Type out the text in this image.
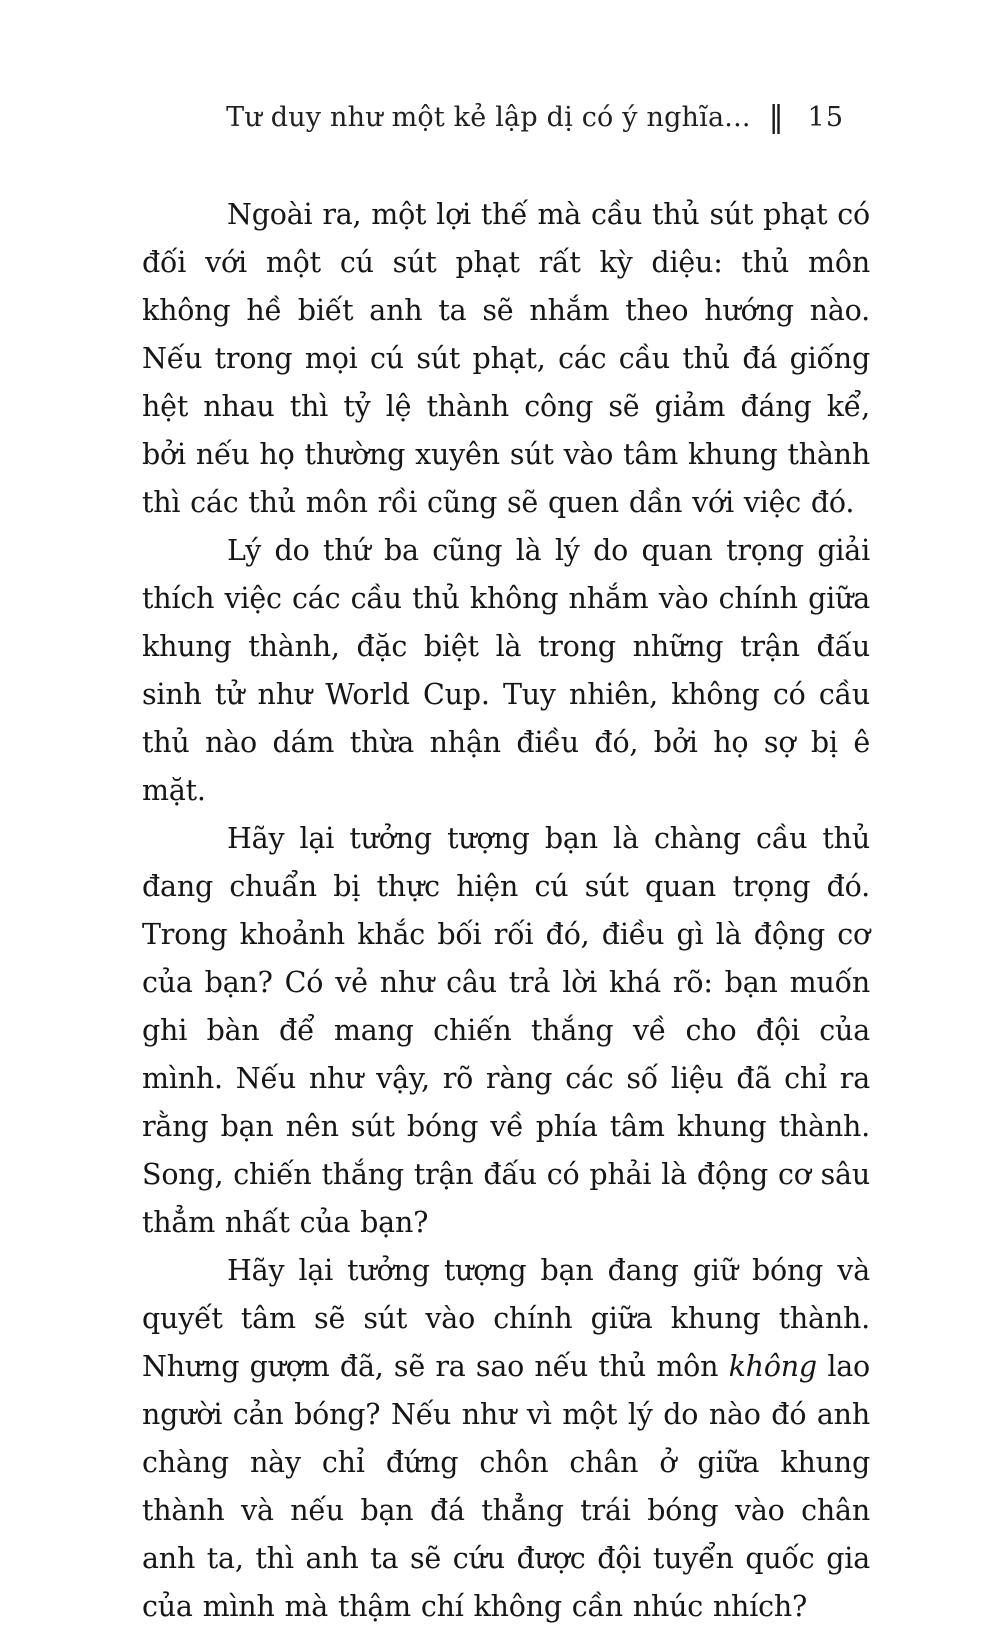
Tư duy như một kẻ lập dị có ý nghĩa... ‖ 15

Ngoài ra, một lợi thế mà cầu thủ sút phạt có đối với một cú sút phạt rất kỳ diệu: thủ môn không hề biết anh ta sẽ nhắm theo hướng nào. Nếu trong mọi cú sút phạt, các cầu thủ đá giống hệt nhau thì tỷ lệ thành công sẽ giảm đáng kể, bởi nếu họ thường xuyên sút vào tâm khung thành thì các thủ môn rồi cũng sẽ quen dần với việc đó.

Lý do thứ ba cũng là lý do quan trọng giải thích việc các cầu thủ không nhắm vào chính giữa khung thành, đặc biệt là trong những trận đấu sinh tử như World Cup. Tuy nhiên, không có cầu thủ nào dám thừa nhận điều đó, bởi họ sợ bị ê mặt.

Hãy lại tưởng tượng bạn là chàng cầu thủ đang chuẩn bị thực hiện cú sút quan trọng đó. Trong khoảnh khắc bối rối đó, điều gì là động cơ của bạn? Có vẻ như câu trả lời khá rõ: bạn muốn ghi bàn để mang chiến thắng về cho đội của mình. Nếu như vậy, rõ ràng các số liệu đã chỉ ra rằng bạn nên sút bóng về phía tâm khung thành. Song, chiến thắng trận đấu có phải là động cơ sâu thẳm nhất của bạn?

Hãy lại tưởng tượng bạn đang giữ bóng và quyết tâm sẽ sút vào chính giữa khung thành. Nhưng gượm đã, sẽ ra sao nếu thủ môn không lao người cản bóng? Nếu như vì một lý do nào đó anh chàng này chỉ đứng chôn chân ở giữa khung thành và nếu bạn đá thẳng trái bóng vào chân anh ta, thì anh ta sẽ cứu được đội tuyển quốc gia của mình mà thậm chí không cần nhúc nhích?
